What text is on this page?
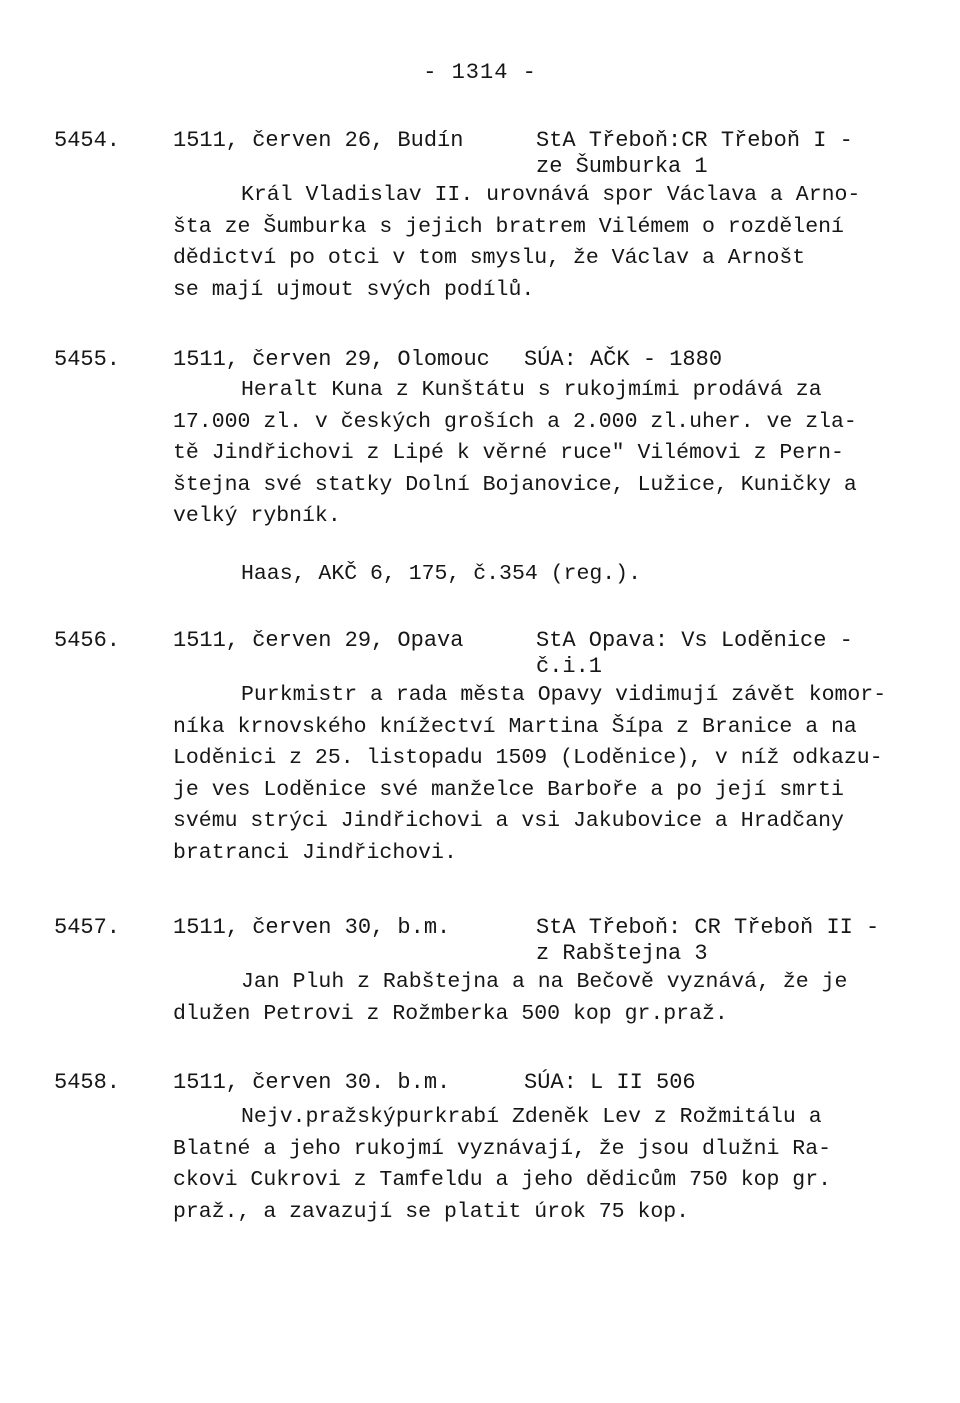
- 1314 -
5454. 1511, červen 26, Budín	StA Třeboň:CR Třeboň I -
ze Šumburka 1
Král Vladislav II. urovnává spor Václava a Arno-
šta ze Šumburka s jejich bratrem Vilémem o rozdělení
dědictví po otci v tom smyslu, že Václav a Arnošt
se mají ujmout svých podílů.
5455. 1511, červen 29, Olomouc SÚA: AČK - 1880
Heralt Kuna z Kunštátu s rukojmími prodává za
17.000 zl. v českých groších a 2.000 zl.uher. ve zla-
tě Jindřichovi z Lipé k věrné ruce" Vilémovi z Pern-
štejna své statky Dolní Bojanovice, Lužice, Kuničky a
velký rybník.
Haas, AKČ 6, 175, č.354 (reg.).
5456. 1511, červen 29, Opava	StA Opava: Vs Loděnice -
č.i.1
Purkmistr a rada města Opavy vidimují závět komor-
níka krnovského knížectví Martina Šípa z Branice a na
Loděnici z 25. listopadu 1509 (Loděnice), v níž odkazu-
je ves Loděnice své manželce Barboře a po její smrti
svému strýci Jindřichovi a vsi Jakubovice a Hradčany
bratranci Jindřichovi.
5457. 1511, červen 30, b.m.	StA Třeboň: CR Třeboň II -
z Rabštejna 3
Jan Pluh z Rabštejna a na Bečově vyznává, že je
dlužen Petrovi z Rožmberka 500 kop gr.praž.
5458. 1511, červen 30. b.m.	SÚA: L II 506
Nejv.pražskýpurkrabí Zdeněk Lev z Rožmitálu a
Blatné a jeho rukojmí vyznávají, že jsou dlužni Ra-
ckovi Cukrovi z Tamfeldu a jeho dědicům 750 kop gr.
praž., a zavazují se platit úrok 75 kop.
